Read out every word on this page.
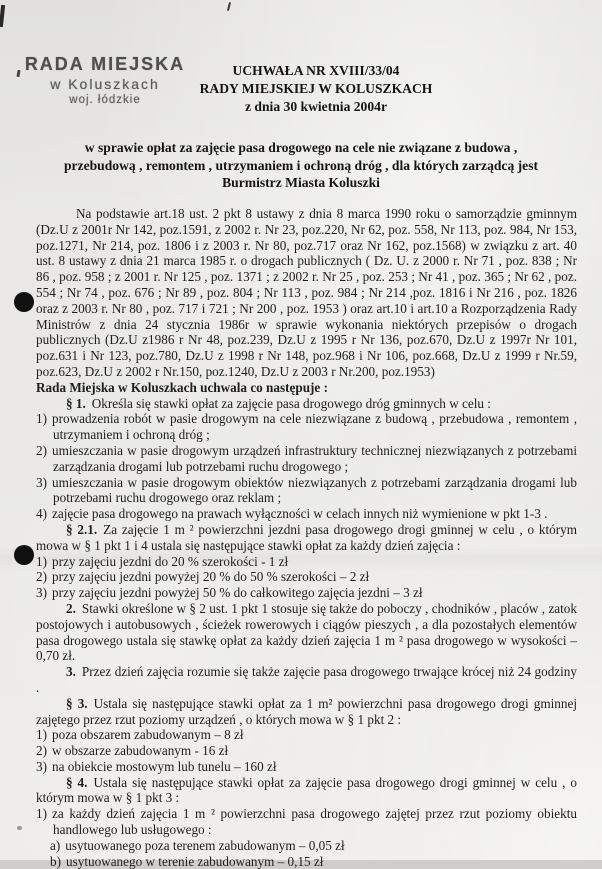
RADA MIEJSKA
w Koluszkach
woj. łódzkie
UCHWAŁA NR XVIII/33/04
RADY MIEJSKIEJ W KOLUSZKACH
z dnia 30 kwietnia 2004r
w sprawie opłat za zajęcie pasa drogowego na cele nie związane z budowa , przebudową , remontem , utrzymaniem i ochroną dróg , dla których zarządcą jest Burmistrz Miasta Koluszki

Na podstawie art.18 ust. 2 pkt 8 ustawy z dnia 8 marca 1990 roku o samorządzie gminnym (Dz.U z 2001r Nr 142, poz.1591, z 2002 r. Nr 23, poz.220, Nr 62, poz. 558, Nr 113, poz. 984, Nr 153, poz.1271, Nr 214, poz. 1806 i z 2003 r. Nr 80, poz.717 oraz Nr 162, poz.1568) w związku z art. 40 ust. 8 ustawy z dnia 21 marca 1985 r. o drogach publicznych ( Dz. U. z 2000 r. Nr 71 , poz. 838 ; Nr 86 , poz. 958 ; z 2001 r. Nr 125 , poz. 1371 ; z 2002 r. Nr 25 , poz. 253 ; Nr 41 , poz. 365 ; Nr 62 , poz. 554 ; Nr 74 , poz. 676 ; Nr 89 , poz. 804 ; Nr 113 , poz. 984 ; Nr 214 ,poz. 1816 i Nr 216 , poz. 1826 oraz z 2003 r. Nr 80 , poz. 717 i 721 ; Nr 200 , poz. 1953 ) oraz art.10 i art.10 a Rozporządzenia Rady Ministrów z dnia 24 stycznia 1986r w sprawie wykonania niektórych przepisów o drogach publicznych (Dz.U z1986 r Nr 48, poz.239, Dz.U z 1995 r Nr 136, poz.670, Dz.U z 1997r Nr 101, poz.631 i Nr 123, poz.780, Dz.U z 1998 r Nr 148, poz.968 i Nr 106, poz.668, Dz.U z 1999 r Nr.59, poz.623, Dz.U z 2002 r Nr.150, poz.1240, Dz.U z 2003 r Nr.200, poz.1953)

Rada Miejska w Koluszkach uchwala co następuje :

§ 1. Określa się stawki opłat za zajęcie pasa drogowego dróg gminnych w celu :

1) prowadzenia robót w pasie drogowym na cele niezwiązane z budową , przebudowa , remontem , utrzymaniem i ochroną dróg ;

2) umieszczania w pasie drogowym urządzeń infrastruktury technicznej niezwiązanych z potrzebami zarządzania drogami lub potrzebami ruchu drogowego ;

3) umieszczania w pasie drogowym obiektów niezwiązanych z potrzebami zarządzania drogami lub potrzebami ruchu drogowego oraz reklam ;

4) zajęcie pasa drogowego na prawach wyłączności w celach innych niż wymienione w pkt 1-3 .

§ 2.1. Za zajęcie 1 m ² powierzchni jezdni pasa drogowego drogi gminnej w celu , o którym mowa w § 1 pkt 1 i 4 ustala się następujące stawki opłat za każdy dzień zajęcia :

1) przy zajęciu jezdni do 20 % szerokości - 1 zł

2) przy zajęciu jezdni powyżej 20 % do 50 % szerokości – 2 zł

3) przy zajęciu jezdni powyżej 50 % do całkowitego zajęcia jezdni – 3 zł

2. Stawki określone w § 2 ust. 1 pkt 1 stosuje się także do poboczy , chodników , placów , zatok postojowych i autobusowych , ścieżek rowerowych i ciągów pieszych , a dla pozostałych elementów pasa drogowego ustala się stawkę opłat za każdy dzień zajęcia 1 m ² pasa drogowego w wysokości – 0,70 zł.

3. Przez dzień zajęcia rozumie się także zajęcie pasa drogowego trwające krócej niż 24 godziny .

§ 3. Ustala się następujące stawki opłat za 1 m² powierzchni pasa drogowego drogi gminnej zajętego przez rzut poziomy urządzeń , o których mowa w § 1 pkt 2 :

1) poza obszarem zabudowanym – 8 zł

2) w obszarze zabudowanym - 16 zł

3) na obiekcie mostowym lub tunelu – 160 zł

§ 4. Ustala się następujące stawki opłat za zajęcie pasa drogowego drogi gminnej w celu , o którym mowa w § 1 pkt 3 :

1) za każdy dzień zajęcia 1 m ² powierzchni pasa drogowego zajętej przez rzut poziomy obiektu handlowego lub usługowego :

a) usytuowanego poza terenem zabudowanym – 0,05 zł

b) usytuowanego w terenie zabudowanym – 0,15 zł
